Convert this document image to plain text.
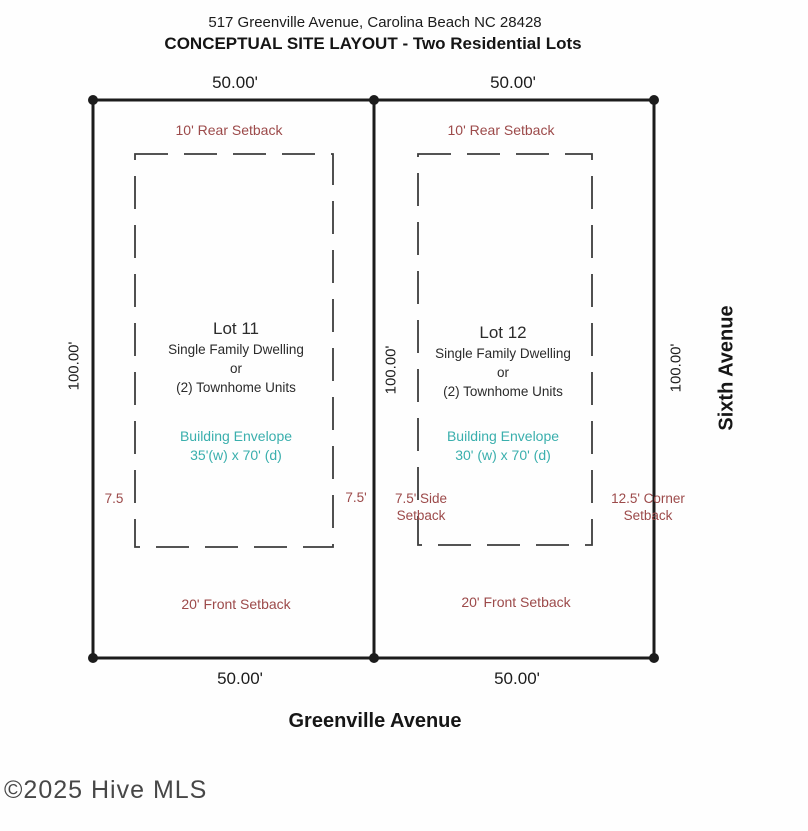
517 Greenville Avenue, Carolina Beach NC 28428
CONCEPTUAL SITE LAYOUT - Two Residential Lots
50.00'	50.00'
10' Rear Setback	10' Rear Setback
Lot 11
Single Family Dwelling
or
(2) Townhome Units
Building Envelope
35'(w) x 70' (d)
Lot 12
Single Family Dwelling
or
(2) Townhome Units
Building Envelope
30' (w) x 70' (d)
100.00'	100.00'	100.00'
7.5	7.5'	7.5' Side Setback
12.5' Corner Setback
20' Front Setback	20' Front Setback
50.00'	50.00'
Greenville Avenue
Sixth Avenue
©2025 Hive MLS
